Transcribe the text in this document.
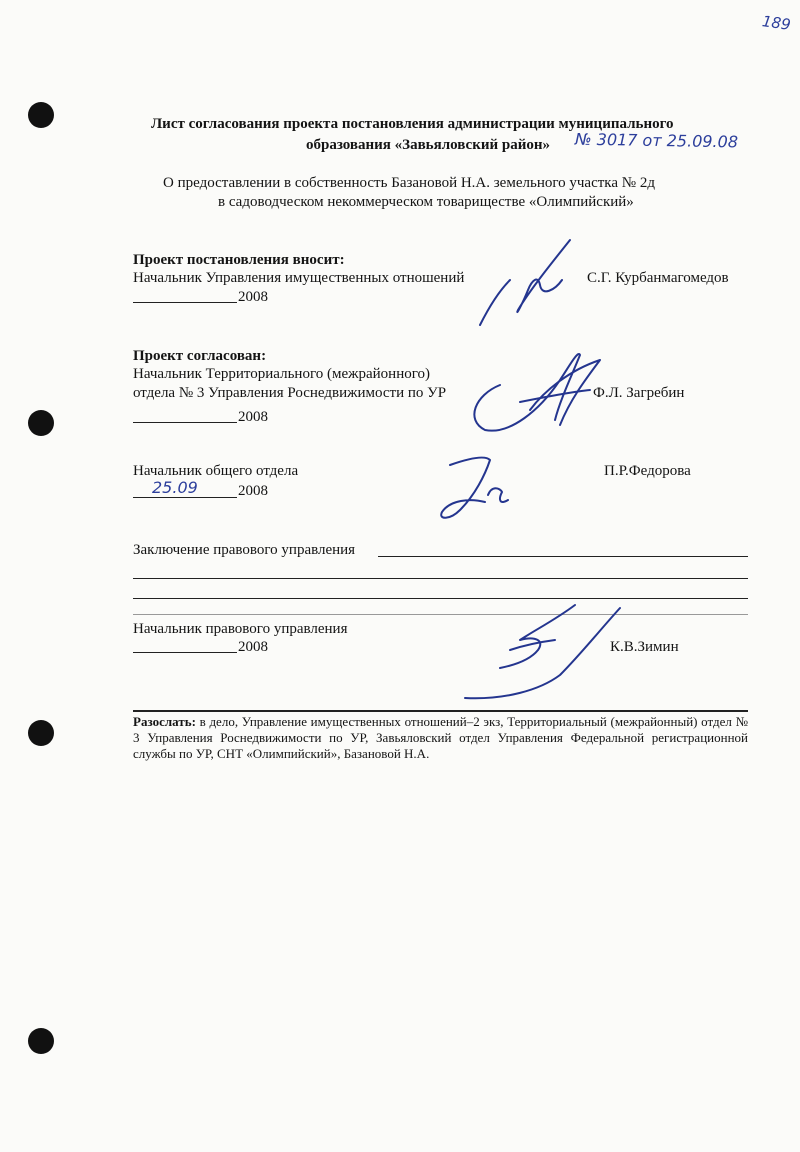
189
Лист согласования проекта постановления администрации муниципального
образования «Завьяловский район» № 3017 от 25.09.08
О предоставлении в собственность Базановой Н.А. земельного участка № 2д
в садоводческом некоммерческом товариществе «Олимпийский»
Проект постановления вносит:
Начальник Управления имущественных отношений	С.Г. Курбанмагомедов
2008
Проект согласован:
Начальник Территориального (межрайонного)
отдела № 3 Управления Роснедвижимости по УР	Ф.Л. Загребин
2008
Начальник общего отдела	П.Р.Федорова
25.09	2008
Заключение правового управления
Начальник правового управления
К.В.Зимин
2008
Разослать: в дело, Управление имущественных отношений–2 экз, Территориальный (межрайонный) отдел № 3 Управления Роснедвижимости по УР, Завьяловский отдел Управления Федеральной регистрационной службы по УР, СНТ «Олимпийский», Базановой Н.А.
